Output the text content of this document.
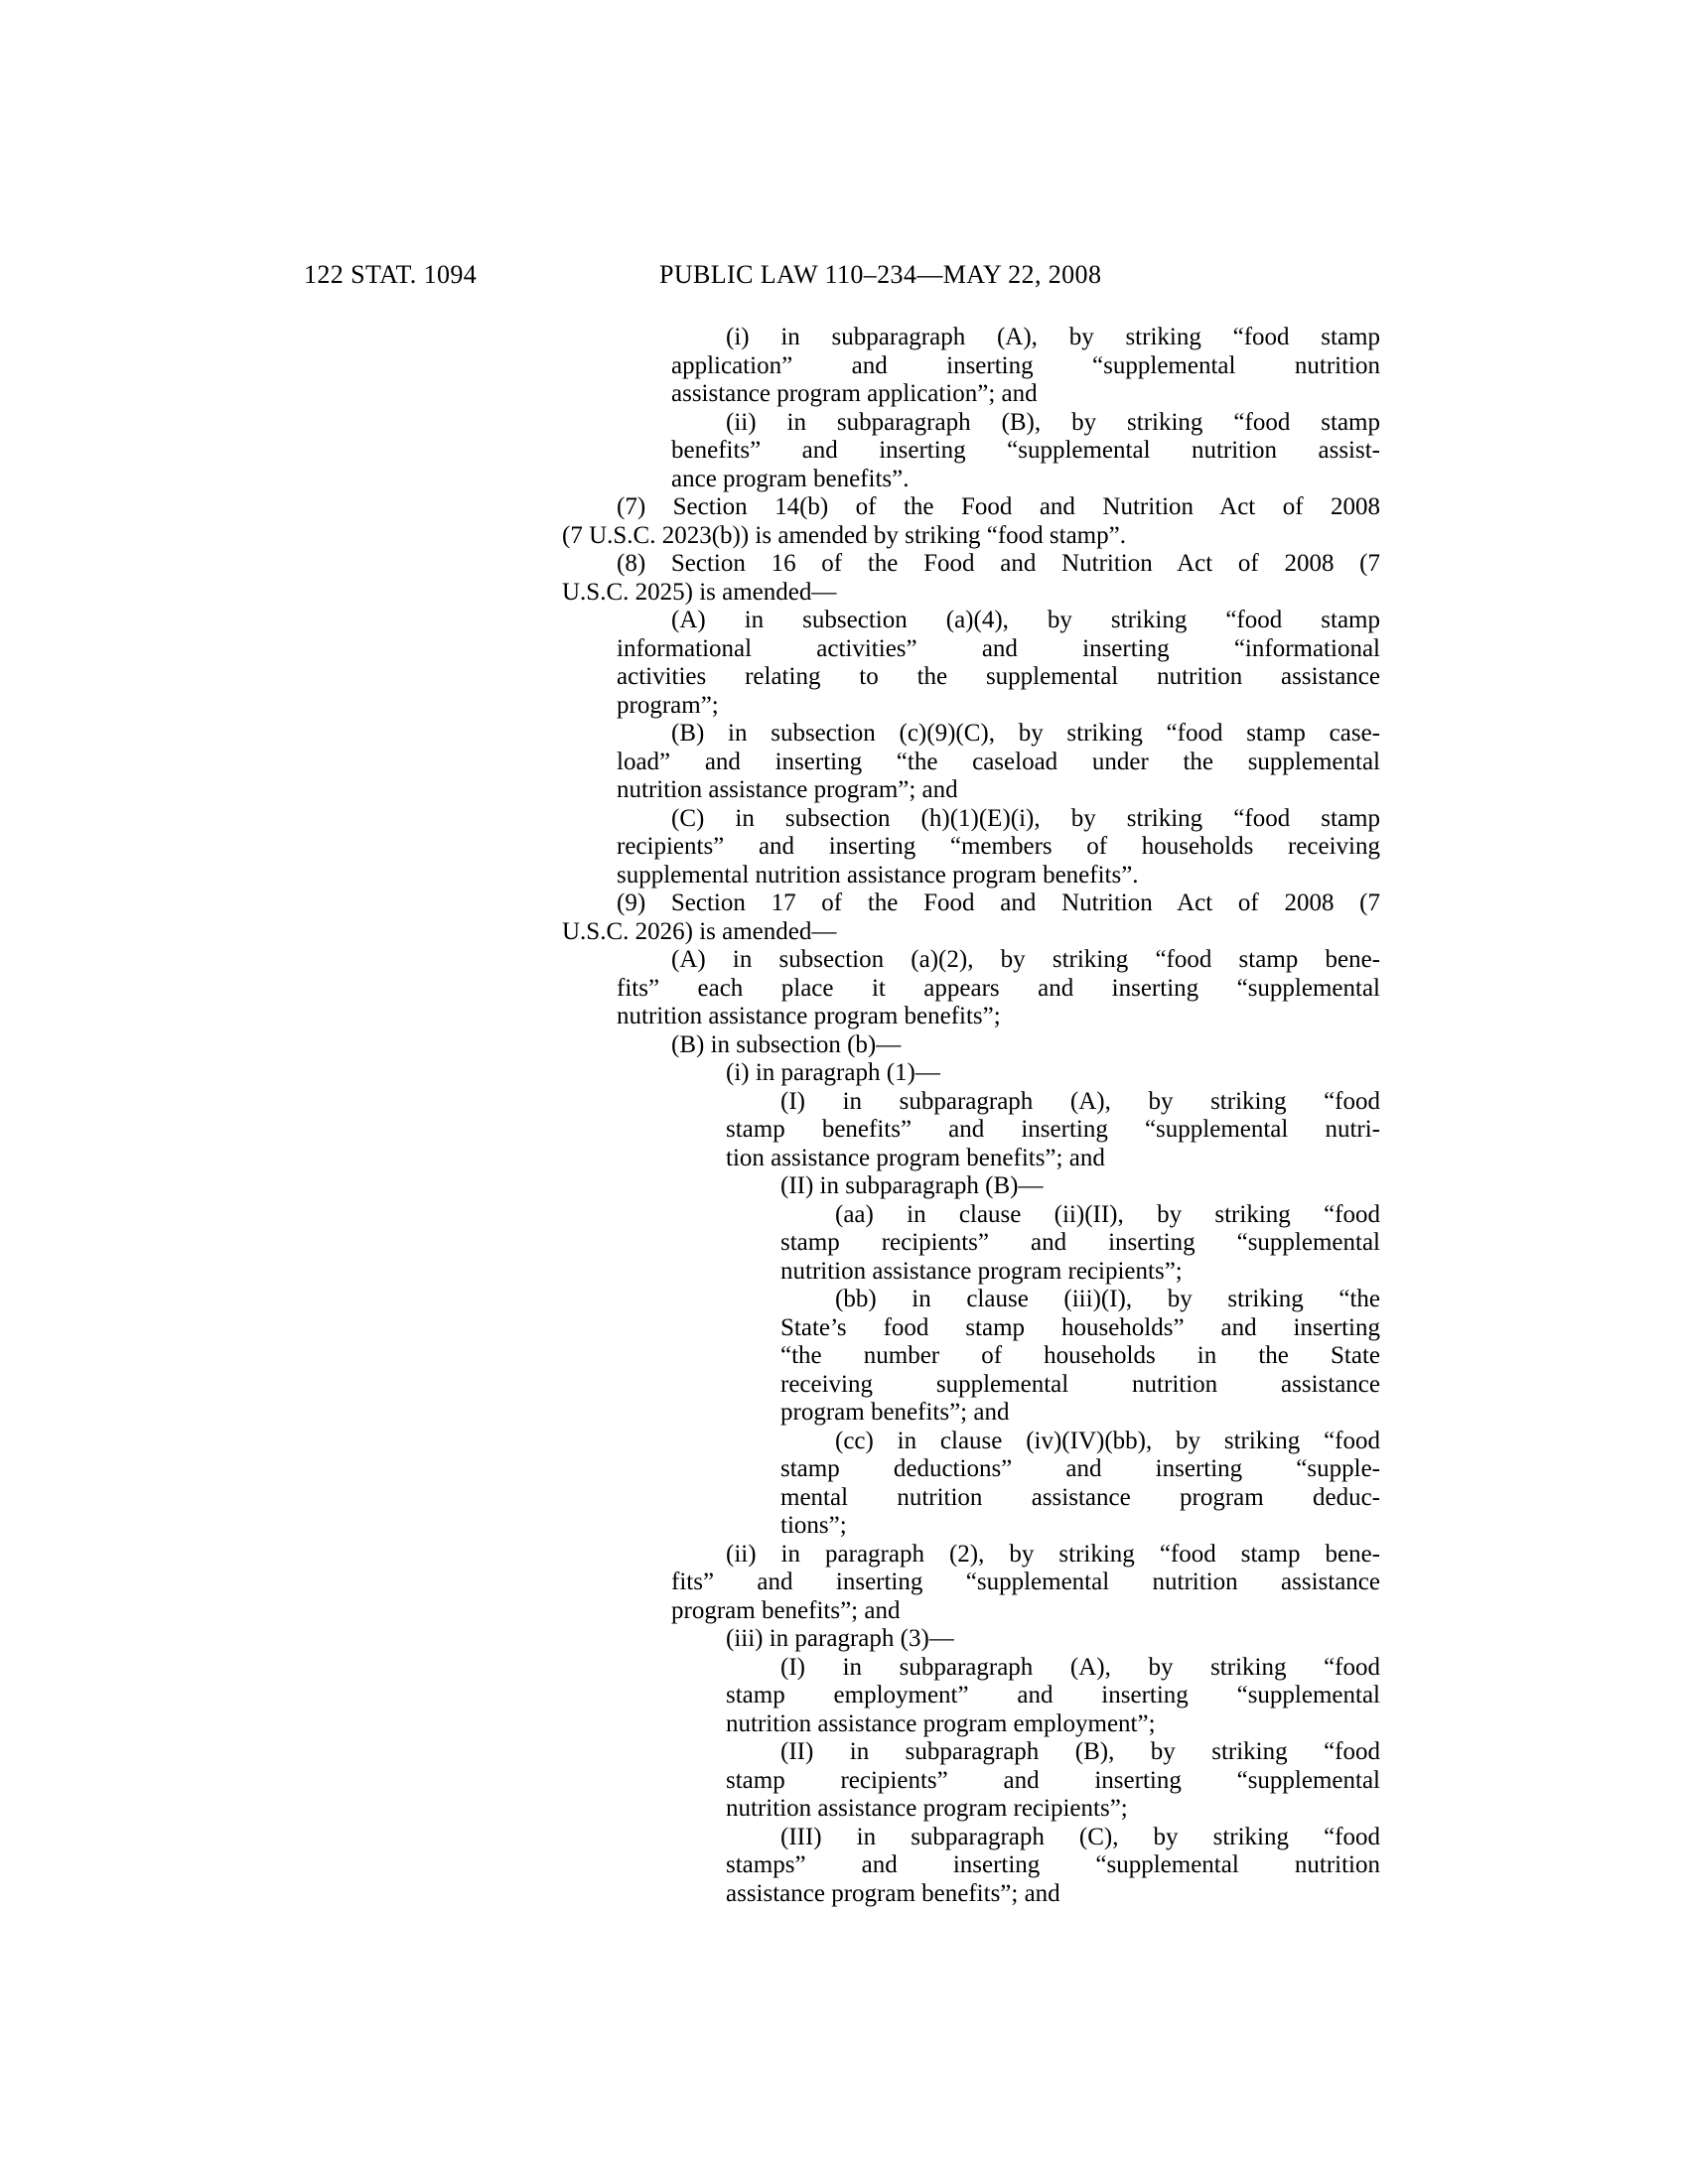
122 STAT. 1094	PUBLIC LAW 110–234—MAY 22, 2008
(i) in subparagraph (A), by striking “food stamp
application” and inserting “supplemental nutrition
assistance program application”; and
(ii) in subparagraph (B), by striking “food stamp
benefits” and inserting “supplemental nutrition assist-
ance program benefits”.
(7) Section 14(b) of the Food and Nutrition Act of 2008
(7 U.S.C. 2023(b)) is amended by striking “food stamp”.
(8) Section 16 of the Food and Nutrition Act of 2008 (7
U.S.C. 2025) is amended—
(A) in subsection (a)(4), by striking “food stamp
informational activities” and inserting “informational
activities relating to the supplemental nutrition assistance
program”;
(B) in subsection (c)(9)(C), by striking “food stamp case-
load” and inserting “the caseload under the supplemental
nutrition assistance program”; and
(C) in subsection (h)(1)(E)(i), by striking “food stamp
recipients” and inserting “members of households receiving
supplemental nutrition assistance program benefits”.
(9) Section 17 of the Food and Nutrition Act of 2008 (7
U.S.C. 2026) is amended—
(A) in subsection (a)(2), by striking “food stamp bene-
fits” each place it appears and inserting “supplemental
nutrition assistance program benefits”;
(B) in subsection (b)—
(i) in paragraph (1)—
(I) in subparagraph (A), by striking “food
stamp benefits” and inserting “supplemental nutri-
tion assistance program benefits”; and
(II) in subparagraph (B)—
(aa) in clause (ii)(II), by striking “food
stamp recipients” and inserting “supplemental
nutrition assistance program recipients”;
(bb) in clause (iii)(I), by striking “the
State’s food stamp households” and inserting
“the number of households in the State
receiving supplemental nutrition assistance
program benefits”; and
(cc) in clause (iv)(IV)(bb), by striking “food
stamp deductions” and inserting “supple-
mental nutrition assistance program deduc-
tions”;
(ii) in paragraph (2), by striking “food stamp bene-
fits” and inserting “supplemental nutrition assistance
program benefits”; and
(iii) in paragraph (3)—
(I) in subparagraph (A), by striking “food
stamp employment” and inserting “supplemental
nutrition assistance program employment”;
(II) in subparagraph (B), by striking “food
stamp recipients” and inserting “supplemental
nutrition assistance program recipients”;
(III) in subparagraph (C), by striking “food
stamps” and inserting “supplemental nutrition
assistance program benefits”; and
